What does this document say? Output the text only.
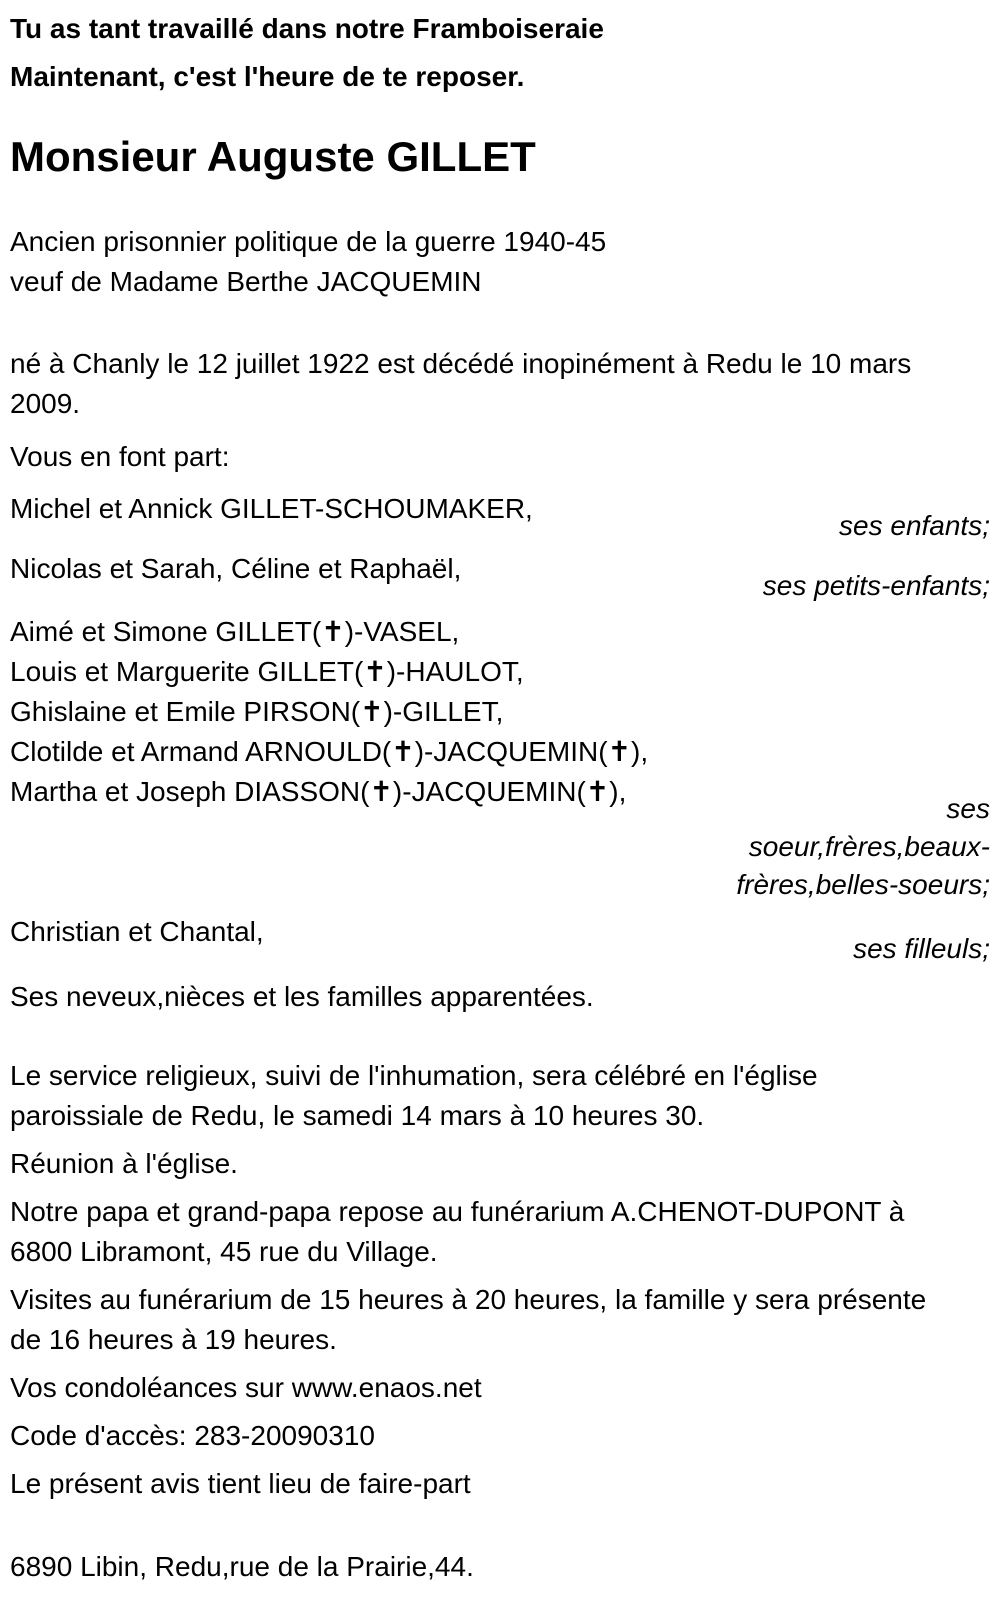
Tu as tant travaillé dans notre Framboiseraie
Maintenant, c'est l'heure de te reposer.
Monsieur Auguste GILLET
Ancien prisonnier politique de la guerre 1940-45
veuf de Madame Berthe JACQUEMIN
né à Chanly le 12 juillet 1922 est décédé inopinément à Redu le 10 mars
2009.
Vous en font part:
Michel et Annick GILLET-SCHOUMAKER,
ses enfants;
Nicolas et Sarah, Céline et Raphaël,
ses petits-enfants;
Aimé et Simone GILLET(✝)-VASEL,
Louis et Marguerite GILLET(✝)-HAULOT,
Ghislaine et Emile PIRSON(✝)-GILLET,
Clotilde et Armand ARNOULD(✝)-JACQUEMIN(✝),
Martha et Joseph DIASSON(✝)-JACQUEMIN(✝),
ses
soeur,frères,beaux-
frères,belles-soeurs;
Christian et Chantal,
ses filleuls;
Ses neveux,nièces et les familles apparentées.
Le service religieux, suivi de l'inhumation, sera célébré en l'église
paroissiale de Redu, le samedi 14 mars à 10 heures 30.
Réunion à l'église.
Notre papa et grand-papa repose au funérarium A.CHENOT-DUPONT à
6800 Libramont, 45 rue du Village.
Visites au funérarium de 15 heures à 20 heures, la famille y sera présente
de 16 heures à 19 heures.
Vos condoléances sur www.enaos.net
Code d'accès: 283-20090310
Le présent avis tient lieu de faire-part
6890 Libin, Redu,rue de la Prairie,44.
